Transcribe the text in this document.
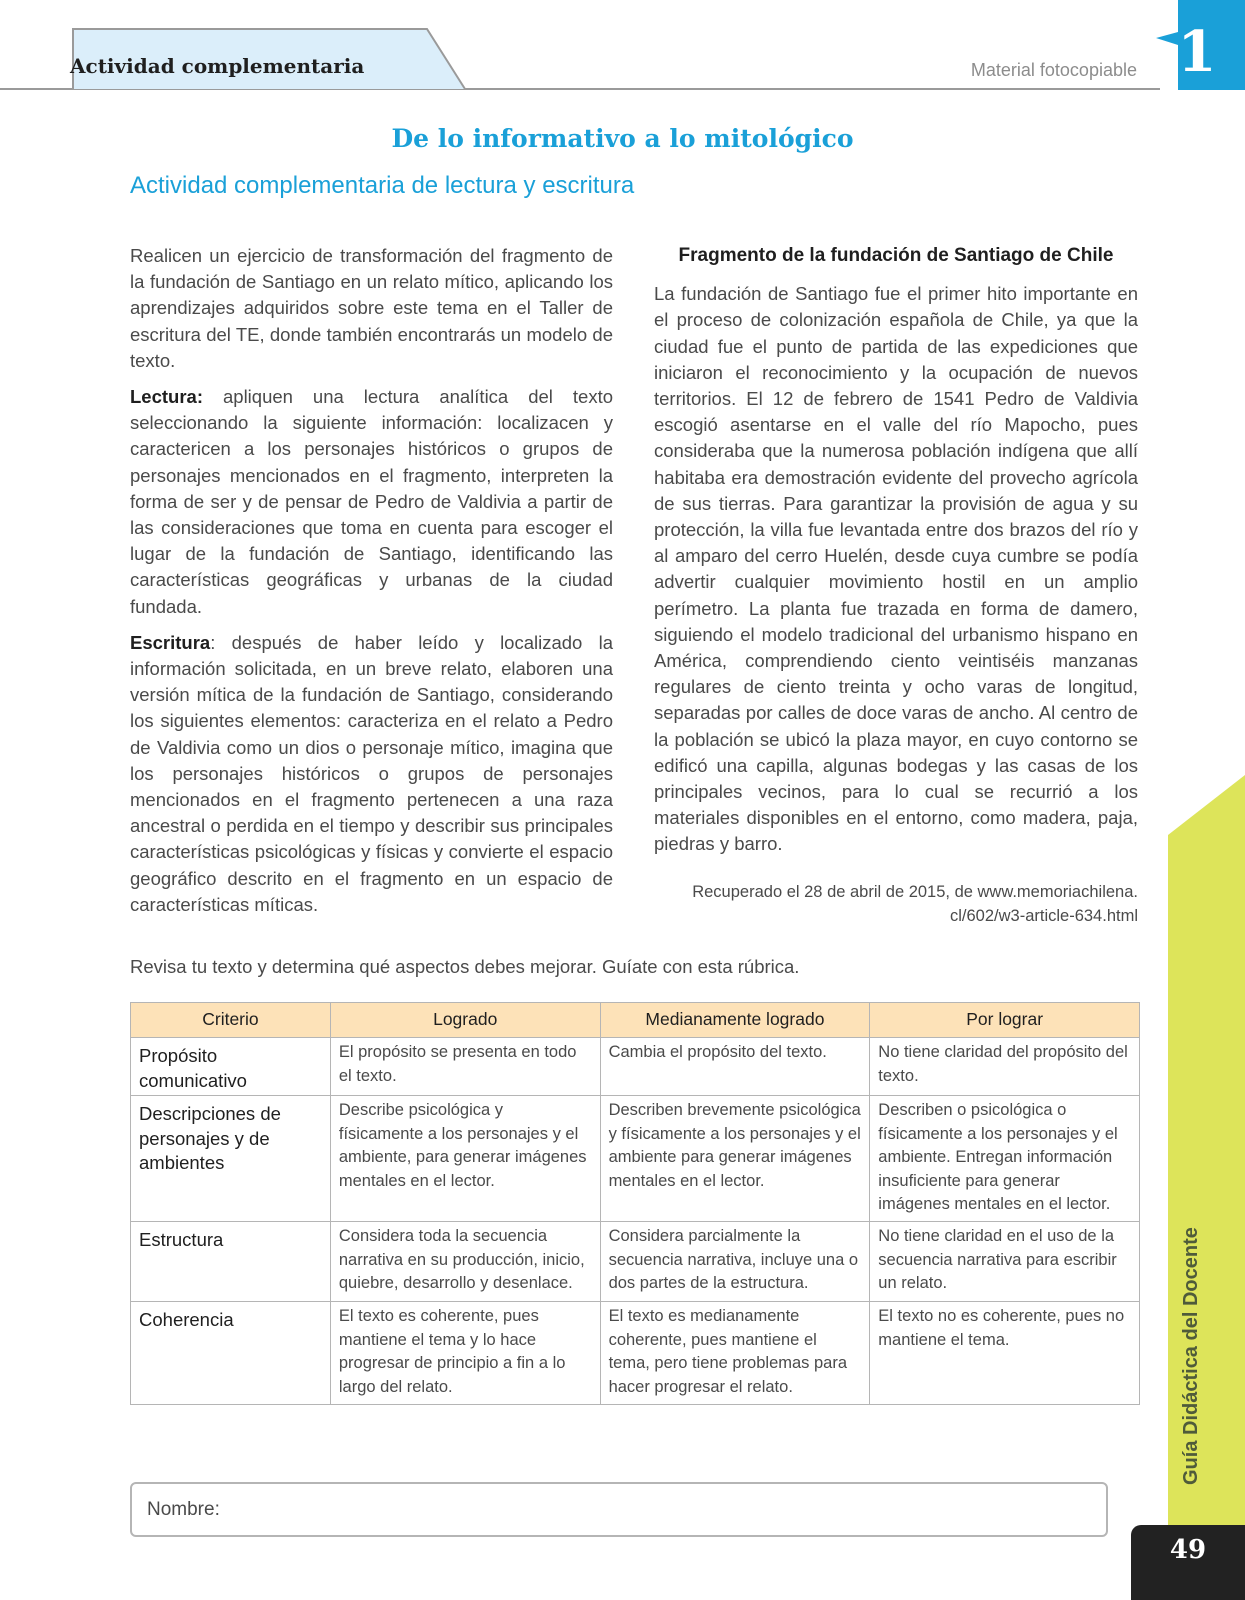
Actividad complementaria	Material fotocopiable 1
De lo informativo a lo mitológico
Actividad complementaria de lectura y escritura

Realicen un ejercicio de transformación del fragmento de la fundación de Santiago en un relato mítico, aplicando los aprendizajes adquiridos sobre este tema en el Taller de escritura del TE, donde también encontrarás un modelo de texto.

Lectura: apliquen una lectura analítica del texto seleccionando la siguiente información: localizacen y caractericen a los personajes históricos o grupos de personajes mencionados en el fragmento, interpreten la forma de ser y de pensar de Pedro de Valdivia a partir de las consideraciones que toma en cuenta para escoger el lugar de la fundación de Santiago, identificando las características geográficas y urbanas de la ciudad fundada.

Escritura: después de haber leído y localizado la información solicitada, en un breve relato, elaboren una versión mítica de la fundación de Santiago, considerando los siguientes elementos: caracteriza en el relato a Pedro de Valdivia como un dios o personaje mítico, imagina que los personajes históricos o grupos de personajes mencionados en el fragmento pertenecen a una raza ancestral o perdida en el tiempo y describir sus principales características psicológicas y físicas y convierte el espacio geográfico descrito en el fragmento en un espacio de características míticas.

Fragmento de la fundación de Santiago de Chile

La fundación de Santiago fue el primer hito importante en el proceso de colonización española de Chile, ya que la ciudad fue el punto de partida de las expediciones que iniciaron el reconocimiento y la ocupación de nuevos territorios. El 12 de febrero de 1541 Pedro de Valdivia escogió asentarse en el valle del río Mapocho, pues consideraba que la numerosa población indígena que allí habitaba era demostración evidente del provecho agrícola de sus tierras. Para garantizar la provisión de agua y su protección, la villa fue levantada entre dos brazos del río y al amparo del cerro Huelén, desde cuya cumbre se podía advertir cualquier movimiento hostil en un amplio perímetro. La planta fue trazada en forma de damero, siguiendo el modelo tradicional del urbanismo hispano en América, comprendiendo ciento veintiséis manzanas regulares de ciento treinta y ocho varas de longitud, separadas por calles de doce varas de ancho. Al centro de la población se ubicó la plaza mayor, en cuyo contorno se edificó una capilla, algunas bodegas y las casas de los principales vecinos, para lo cual se recurrió a los materiales disponibles en el entorno, como madera, paja, piedras y barro.

Recuperado el 28 de abril de 2015, de www.memoriachilena.
cl/602/w3-article-634.html
Revisa tu texto y determina qué aspectos debes mejorar. Guíate con esta rúbrica.
Criterio	Logrado	Medianamente logrado	Por lograr
Propósito comunicativo	El propósito se presenta en todo el texto.	Cambia el propósito del texto.	No tiene claridad del propósito del texto.
Descripciones de personajes y de ambientes	Describe psicológica y físicamente a los personajes y el ambiente, para generar imágenes mentales en el lector.	Describen brevemente psicológica y físicamente a los personajes y el ambiente para generar imágenes mentales en el lector.	Describen o psicológica o físicamente a los personajes y el ambiente. Entregan información insuficiente para generar imágenes mentales en el lector.
Estructura	Considera toda la secuencia narrativa en su producción, inicio, quiebre, desarrollo y desenlace.	Considera parcialmente la secuencia narrativa, incluye una o dos partes de la estructura.	No tiene claridad en el uso de la secuencia narrativa para escribir un relato.
Coherencia	El texto es coherente, pues mantiene el tema y lo hace progresar de principio a fin a lo largo del relato.	El texto es medianamente coherente, pues mantiene el tema, pero tiene problemas para hacer progresar el relato.	El texto no es coherente, pues no mantiene el tema.
Nombre:
Guía Didáctica del Docente
49
